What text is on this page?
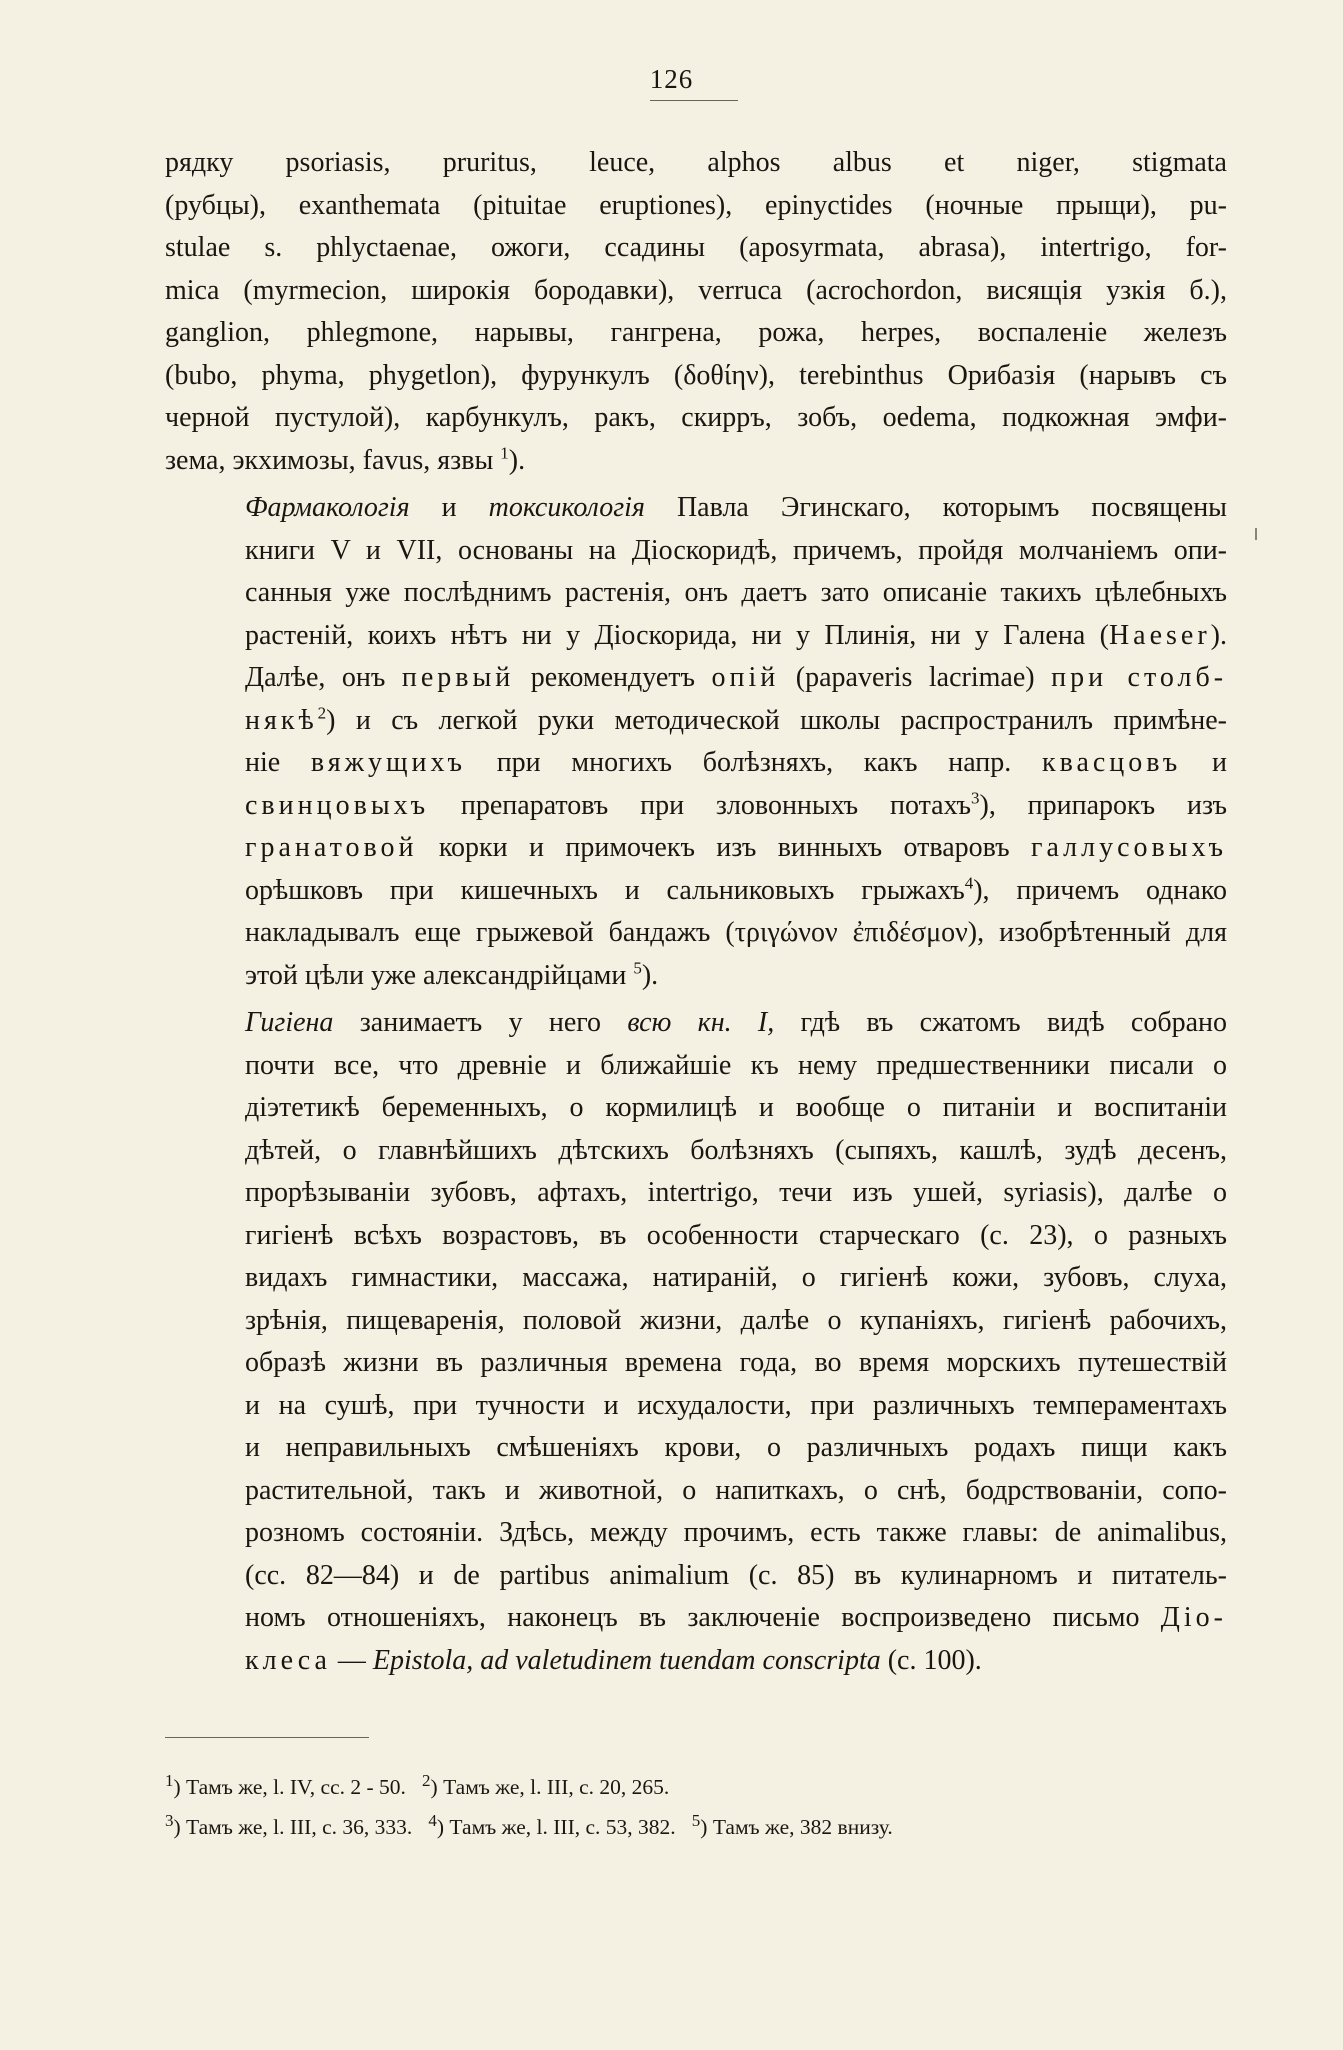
126

рядку psoriasis, pruritus, leuce, alphos albus et niger, stigmata
(рубцы), exanthemata (pituitae eruptiones), epinyctides (ночные прыщи), pu-
stulae s. phlyctaenae, ожоги, ссадины (aposyrmata, abrasa), intertrigo, for-
mica (myrmecion, широкія бородавки), verruca (acrochordon, висящія узкія б.),
ganglion, phlegmone, нарывы, гангрена, рожа, herpes, воспаленіе железъ
(bubo, phyma, phygetlon), фурункулъ (δοθίην), terebinthus Орибазія (нарывъ съ
черной пустулой), карбункулъ, ракъ, скирръ, зобъ, oedema, подкожная эмфи-
зема, экхимозы, favus, язвы $^1$).

Фармакологія и токсикологія Павла Эгинскаго, которымъ посвящены
книги V и VII, основаны на Діоскоридѣ, причемъ, пройдя молчаніемъ опи-
санныя уже послѣднимъ растенія, онъ даетъ зато описаніе такихъ цѣлебныхъ
растеній, коихъ нѣтъ ни у Діоскорида, ни у Плинія, ни у Галена (Haeser).
Далѣе, онъ первый рекомендуетъ опій (papaveris lacrimae) при столб-
някѣ$^2$) и съ легкой руки методической школы распространилъ примѣне-
ніе вяжущихъ при многихъ болѣзняхъ, какъ напр. квасцовъ и
свинцовыхъ препаратовъ при зловонныхъ потахъ$^3$), припарокъ изъ
гранатовой корки и примочекъ изъ винныхъ отваровъ галлусовыхъ
орѣшковъ при кишечныхъ и сальниковыхъ грыжахъ$^4$), причемъ однако
накладывалъ еще грыжевой бандажъ (τριγώνον ἐπιδέσμον), изобрѣтенный для
этой цѣли уже александрійцами $^5$).

Гигіена занимаетъ у него всю кн. I, гдѣ въ сжатомъ видѣ собрано
почти все, что древніе и ближайшіе къ нему предшественники писали о
діэтетикѣ беременныхъ, о кормилицѣ и вообще о питаніи и воспитаніи
дѣтей, о главнѣйшихъ дѣтскихъ болѣзняхъ (сыпяхъ, кашлѣ, зудѣ десенъ,
прорѣзываніи зубовъ, афтахъ, intertrigo, течи изъ ушей, syriasis), далѣе о
гигіенѣ всѣхъ возрастовъ, въ особенности старческаго (с. 23), о разныхъ
видахъ гимнастики, массажа, натираній, о гигіенѣ кожи, зубовъ, слуха,
зрѣнія, пищеваренія, половой жизни, далѣе о купаніяхъ, гигіенѣ рабочихъ,
образѣ жизни въ различныя времена года, во время морскихъ путешествій
и на сушѣ, при тучности и исхудалости, при различныхъ темпераментахъ
и неправильныхъ смѣшеніяхъ крови, о различныхъ родахъ пищи какъ
растительной, такъ и животной, о напиткахъ, о снѣ, бодрствованіи, сопо-
розномъ состояніи. Здѣсь, между прочимъ, есть также главы: de animalibus,
(сс. 82—84) и de partibus animalium (с. 85) въ кулинарномъ и питатель-
номъ отношеніяхъ, наконецъ въ заключеніе воспроизведено письмо Діо-
клеса — Epistola, ad valetudinem tuendam conscripta (с. 100).

$^1$) Тамъ же, l. IV, сс. 2 - 50. $^2$) Тамъ же, l. III, с. 20, 265.
$^3$) Тамъ же, l. III, с. 36, 333. $^4$) Тамъ же, l. III, с. 53, 382. $^5$) Тамъ же, 382 внизу.
